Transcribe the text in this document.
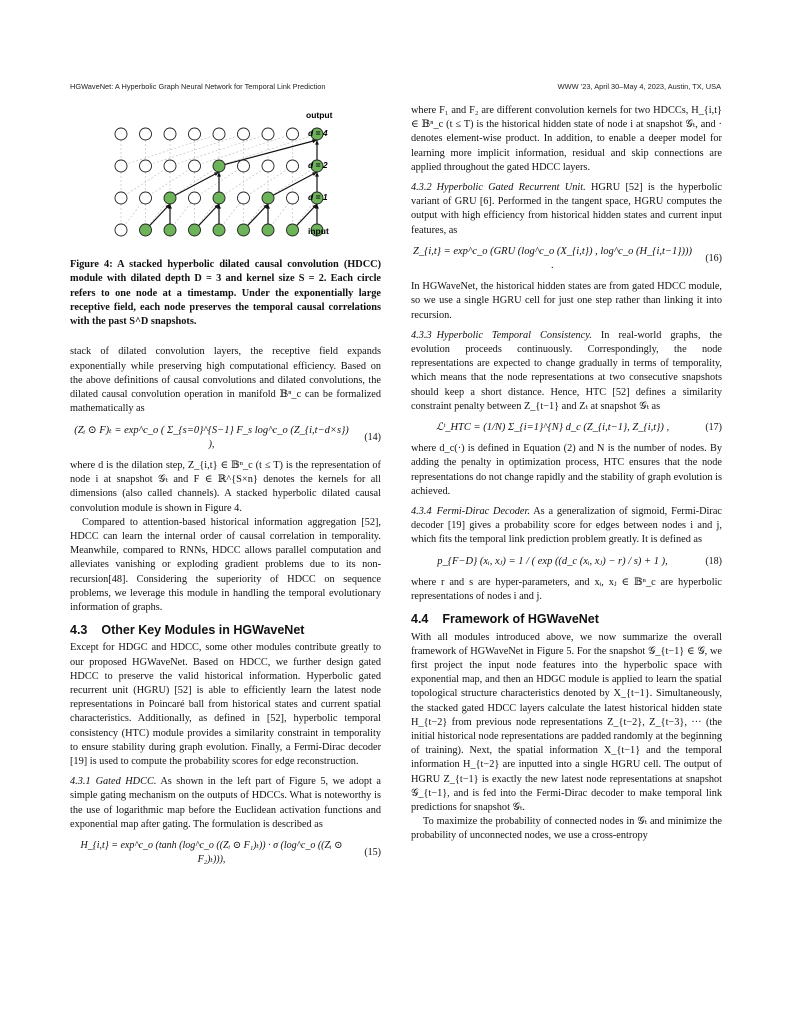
HGWaveNet: A Hyperbolic Graph Neural Network for Temporal Link Prediction	WWW ’23, April 30–May 4, 2023, Austin, TX, USA
output
d = 4
d = 2
d = 1
input

Figure 4: A stacked hyperbolic dilated causal convolution (HDCC) module with dilated depth D = 3 and kernel size S = 2. Each circle refers to one node at a timestamp. Under the exponentially large receptive field, each node preserves the temporal causal correlations with the past S^D snapshots.

stack of dilated convolution layers, the receptive field expands exponentially while preserving high computational efficiency. Based on the above definitions of causal convolutions and dilated convolutions, the dilated causal convolution operation in manifold 𝔹ⁿ_c can be formalized mathematically as

(Zᵢ ⊙ F)ₜ = exp^c_o ( Σ_{s=0}^{S−1} F_s log^c_o (Z_{i,t−d×s}) ),
(14)

where d is the dilation step, Z_{i,t} ∈ 𝔹ⁿ_c (t ≤ T) is the representation of node i at snapshot 𝒢ₜ and F ∈ ℝ^{S×n} denotes the kernels for all dimensions (also called channels). A stacked hyperbolic dilated causal convolution module is shown in Figure 4.

Compared to attention-based historical information aggregation [52], HDCC can learn the internal order of causal correlation in temporality. Meanwhile, compared to RNNs, HDCC allows parallel computation and alleviates vanishing or exploding gradient problems due to its non-recursion[48]. Considering the superiority of HDCC on sequence problems, we leverage this module in handling the temporal evolutionary information of graphs.

4.3 Other Key Modules in HGWaveNet

Except for HDGC and HDCC, some other modules contribute greatly to our proposed HGWaveNet. Based on HDCC, we further design gated HDCC to preserve the valid historical information. Hyperbolic gated recurrent unit (HGRU) [52] is able to efficiently learn the latest node representations in Poincaré ball from historical states and current spatial characteristics. Additionally, as defined in [52], hyperbolic temporal consistency (HTC) module provides a similarity constraint in temporality to ensure stability during graph evolution. Finally, a Fermi-Dirac decoder [19] is used to compute the probability scores for edge reconstruction.

4.3.1 Gated HDCC. As shown in the left part of Figure 5, we adopt a simple gating mechanism on the outputs of HDCCs. What is noteworthy is the use of logarithmic map before the Euclidean activation functions and exponential map after gating. The formulation is described as

H_{i,t} = exp^c_o (tanh (log^c_o ((Zᵢ ⊙ F₁)ₜ)) · σ (log^c_o ((Zᵢ ⊙ F₂)ₜ))),
(15)

where F₁ and F₂ are different convolution kernels for two HDCCs, H_{i,t} ∈ 𝔹ⁿ_c (t ≤ T) is the historical hidden state of node i at snapshot 𝒢ₜ, and · denotes element-wise product. In addition, to enable a deeper model for learning more implicit information, residual and skip connections are applied throughout the gated HDCC layers.

4.3.2 Hyperbolic Gated Recurrent Unit. HGRU [52] is the hyperbolic variant of GRU [6]. Performed in the tangent space, HGRU computes the output with high efficiency from historical hidden states and current input features, as

Z_{i,t} = exp^c_o (GRU (log^c_o (X_{i,t}) , log^c_o (H_{i,t−1}))) .
(16)

In HGWaveNet, the historical hidden states are from gated HDCC module, so we use a single HGRU cell for just one step rather than linking it into recursion.

4.3.3 Hyperbolic Temporal Consistency. In real-world graphs, the evolution proceeds continuously. Correspondingly, the node representations are expected to change gradually in terms of temporality, which means that the node representations at two consecutive snapshots should keep a short distance. Hence, HTC [52] defines a similarity constraint penalty between Z_{t−1} and Zₜ at snapshot 𝒢ₜ as

ℒᵗ_HTC = (1/N) Σ_{i=1}^{N} d_c (Z_{i,t−1}, Z_{i,t}) ,	(17)

where d_c(·) is defined in Equation (2) and N is the number of nodes. By adding the penalty in optimization process, HTC ensures that the node representations do not change rapidly and the stability of graph evolution is achieved.

4.3.4 Fermi-Dirac Decoder. As a generalization of sigmoid, Fermi-Dirac decoder [19] gives a probability score for edges between nodes i and j, which fits the temporal link prediction problem greatly. It is defined as

p_{F−D} (xᵢ, xⱼ) = 1 / ( exp ((d_c (xᵢ, xⱼ) − r) / s) + 1 ),	(18)

where r and s are hyper-parameters, and xᵢ, xⱼ ∈ 𝔹ⁿ_c are hyperbolic representations of nodes i and j.

4.4 Framework of HGWaveNet

With all modules introduced above, we now summarize the overall framework of HGWaveNet in Figure 5. For the snapshot 𝒢_{t−1} ∈ 𝒢, we first project the input node features into the hyperbolic space with exponential map, and then an HDGC module is applied to learn the spatial topological structure characteristics denoted by X_{t−1}. Simultaneously, the stacked gated HDCC layers calculate the latest historical hidden state H_{t−2} from previous node representations Z_{t−2}, Z_{t−3}, ··· (the initial historical node representations are padded randomly at the beginning of training). Next, the spatial information X_{t−1} and the temporal information H_{t−2} are inputted into a single HGRU cell. The output of HGRU Z_{t−1} is exactly the new latest node representations at snapshot 𝒢_{t−1}, and is fed into the Fermi-Dirac decoder to make temporal link predictions for snapshot 𝒢ₜ.

To maximize the probability of connected nodes in 𝒢ₜ and minimize the probability of unconnected nodes, we use a cross-entropy
